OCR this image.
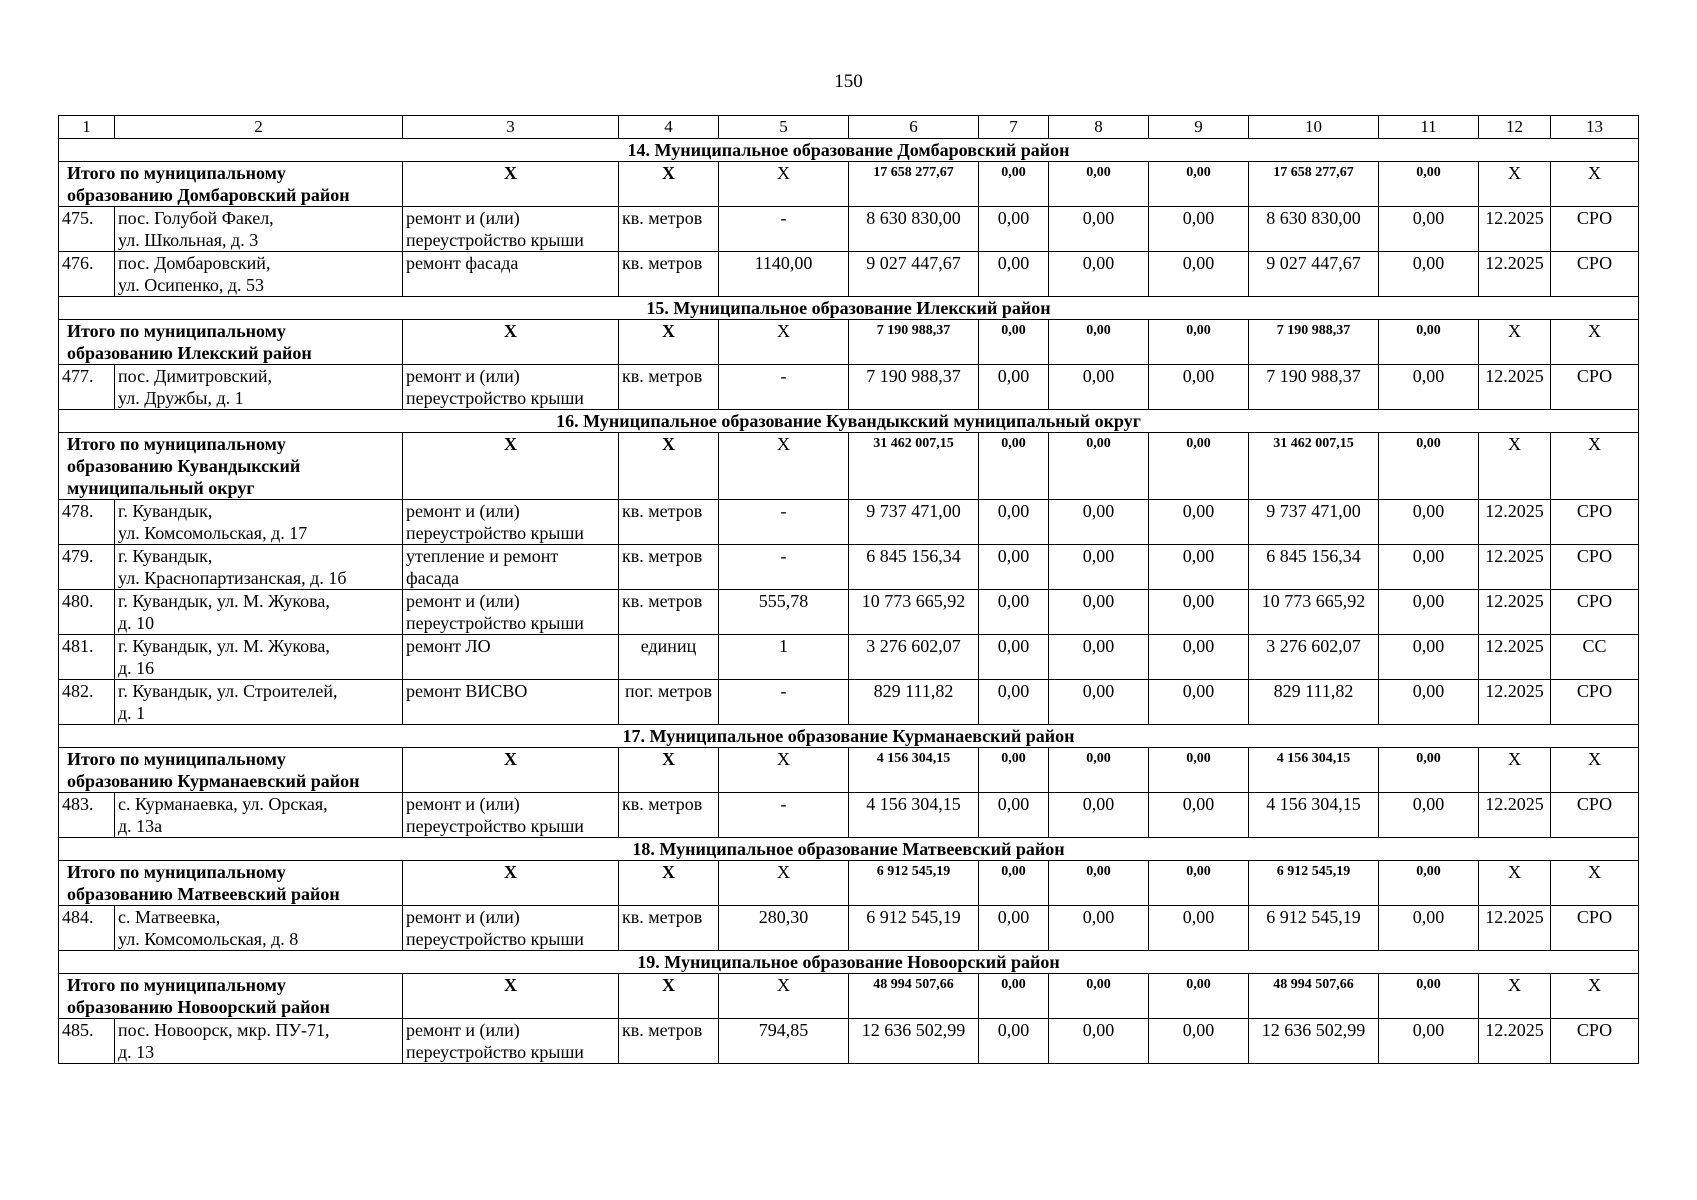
150
1	2	3	4	5	6	7	8	9	10	11	12	13
14. Муниципальное образование Домбаровский район												

Итого по муниципальному
образованию Домбаровский район		X	X	X	17 658 277,67	0,00	0,00	0,00	17 658 277,67	0,00	X	X
475.	пос. Голубой Факел,
ул. Школьная, д. 3	ремонт и (или)
переустройство крыши	кв. метров	-	8 630 830,00	0,00	0,00	0,00	8 630 830,00	0,00	12.2025	СРО
476.	пос. Домбаровский,
ул. Осипенко, д. 53	ремонт фасада	кв. метров	1140,00	9 027 447,67	0,00	0,00	0,00	9 027 447,67	0,00	12.2025	СРО
15. Муниципальное образование Илекский район												

Итого по муниципальному
образованию Илекский район		X	X	X	7 190 988,37	0,00	0,00	0,00	7 190 988,37	0,00	X	X
477.	пос. Димитровский,
ул. Дружбы, д. 1	ремонт и (или)
переустройство крыши	кв. метров	-	7 190 988,37	0,00	0,00	0,00	7 190 988,37	0,00	12.2025	СРО
16. Муниципальное образование Кувандыкский муниципальный округ												

Итого по муниципальному
образованию Кувандыкский
муниципальный округ		X	X	X	31 462 007,15	0,00	0,00	0,00	31 462 007,15	0,00	X	X
478.	г. Кувандык,
ул. Комсомольская, д. 17	ремонт и (или)
переустройство крыши	кв. метров	-	9 737 471,00	0,00	0,00	0,00	9 737 471,00	0,00	12.2025	СРО
479.	г. Кувандык,
ул. Краснопартизанская, д. 1б	утепление и ремонт
фасада	кв. метров	-	6 845 156,34	0,00	0,00	0,00	6 845 156,34	0,00	12.2025	СРО
480.	г. Кувандык, ул. М. Жукова,
д. 10	ремонт и (или)
переустройство крыши	кв. метров	555,78	10 773 665,92	0,00	0,00	0,00	10 773 665,92	0,00	12.2025	СРО
481.	г. Кувандык, ул. М. Жукова,
д. 16	ремонт ЛО	единиц	1	3 276 602,07	0,00	0,00	0,00	3 276 602,07	0,00	12.2025	СС
482.	г. Кувандык, ул. Строителей,
д. 1	ремонт ВИСВО	пог. метров	-	829 111,82	0,00	0,00	0,00	829 111,82	0,00	12.2025	СРО
17. Муниципальное образование Курманаевский район												

Итого по муниципальному
образованию Курманаевский район		X	X	X	4 156 304,15	0,00	0,00	0,00	4 156 304,15	0,00	X	X
483.	с. Курманаевка, ул. Орская,
д. 13а	ремонт и (или)
переустройство крыши	кв. метров	-	4 156 304,15	0,00	0,00	0,00	4 156 304,15	0,00	12.2025	СРО
18. Муниципальное образование Матвеевский район												

Итого по муниципальному
образованию Матвеевский район		X	X	X	6 912 545,19	0,00	0,00	0,00	6 912 545,19	0,00	X	X
484.	с. Матвеевка,
ул. Комсомольская, д. 8	ремонт и (или)
переустройство крыши	кв. метров	280,30	6 912 545,19	0,00	0,00	0,00	6 912 545,19	0,00	12.2025	СРО
19. Муниципальное образование Новоорский район												

Итого по муниципальному
образованию Новоорский район		X	X	X	48 994 507,66	0,00	0,00	0,00	48 994 507,66	0,00	X	X
485.	пос. Новоорск, мкр. ПУ-71,
д. 13	ремонт и (или)
переустройство крыши	кв. метров	794,85	12 636 502,99	0,00	0,00	0,00	12 636 502,99	0,00	12.2025	СРО
